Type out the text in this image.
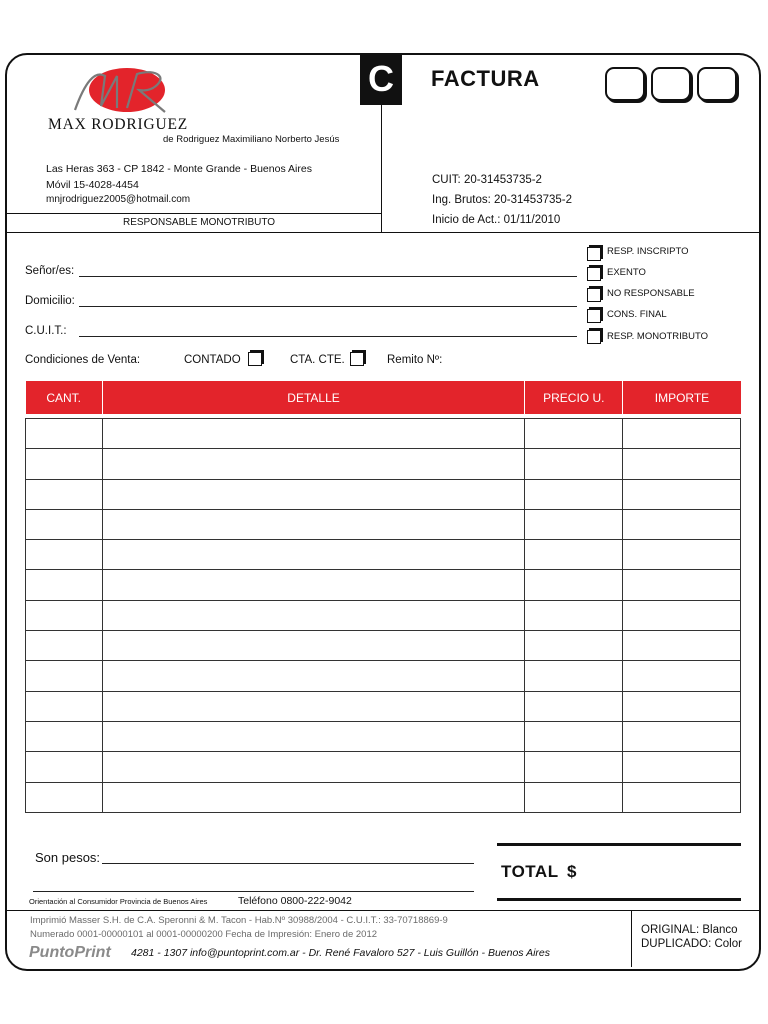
C	FACTURA
MAX RODRIGUEZ
de Rodriguez Maximiliano Norberto Jesús
Las Heras 363 - CP 1842 - Monte Grande - Buenos Aires
Móvil 15-4028-4454
mnjrodriguez2005@hotmail.com
RESPONSABLE MONOTRIBUTO
CUIT: 20-31453735-2
Ing. Brutos: 20-31453735-2
Inicio de Act.: 01/11/2010
Señor/es:
Domicilio:
C.U.I.T.:
Condiciones de Venta:	CONTADO	CTA. CTE.	Remito Nº:
RESP. INSCRIPTO
EXENTO
NO RESPONSABLE
CONS. FINAL
RESP. MONOTRIBUTO
CANT.	DETALLE	PRECIO U.	IMPORTE

Son pesos:
TOTAL $
Orientación al Consumidor Provincia de Buenos Aires	Teléfono 0800-222-9042
Imprimió Masser S.H. de C.A. Speronni & M. Tacon - Hab.Nº 30988/2004 - C.U.I.T.: 33-70718869-9
Numerado 0001-00000101 al 0001-00000200 Fecha de Impresión: Enero de 2012
PuntoPrint 4281 - 1307 info@puntoprint.com.ar - Dr. René Favaloro 527 - Luis Guillón - Buenos Aires
ORIGINAL: Blanco
DUPLICADO: Color
